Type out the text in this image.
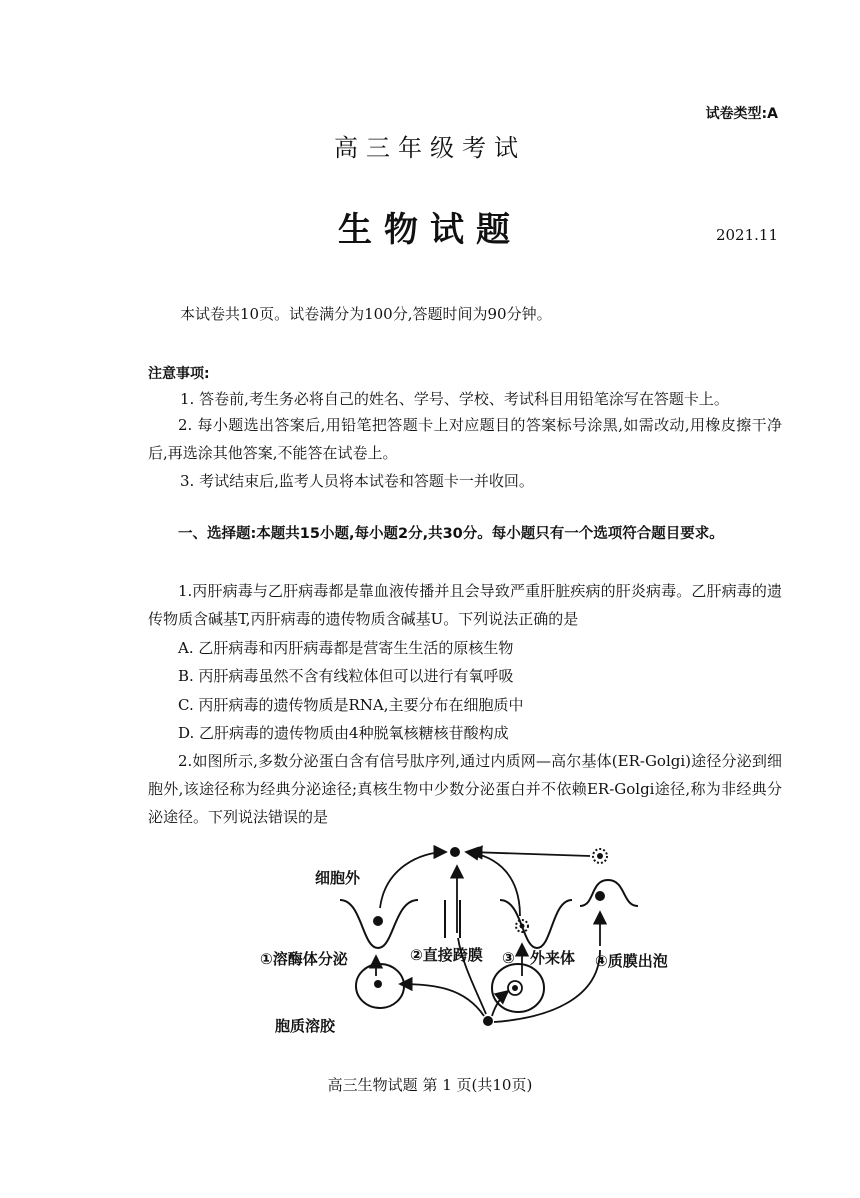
试卷类型:A
高三年级考试
生物试题	2021.11
本试卷共10页。试卷满分为100分,答题时间为90分钟。
注意事项:
1. 答卷前,考生务必将自己的姓名、学号、学校、考试科目用铅笔涂写在答题卡上。
2. 每小题选出答案后,用铅笔把答题卡上对应题目的答案标号涂黑,如需改动,用橡皮擦干净后,再选涂其他答案,不能答在试卷上。
3. 考试结束后,监考人员将本试卷和答题卡一并收回。
一、选择题:本题共15小题,每小题2分,共30分。每小题只有一个选项符合题目要求。
1.丙肝病毒与乙肝病毒都是靠血液传播并且会导致严重肝脏疾病的肝炎病毒。乙肝病毒的遗传物质含碱基T,丙肝病毒的遗传物质含碱基U。下列说法正确的是
A. 乙肝病毒和丙肝病毒都是营寄生生活的原核生物
B. 丙肝病毒虽然不含有线粒体但可以进行有氧呼吸
C. 丙肝病毒的遗传物质是RNA,主要分布在细胞质中
D. 乙肝病毒的遗传物质由4种脱氧核糖核苷酸构成
2.如图所示,多数分泌蛋白含有信号肽序列,通过内质网—高尔基体(ER-Golgi)途径分泌到细胞外,该途径称为经典分泌途径;真核生物中少数分泌蛋白并不依赖ER-Golgi途径,称为非经典分泌途径。下列说法错误的是
细胞外
胞质溶胶
①溶酶体分泌	②直接跨膜 ③ 外来体 ④质膜出泡
高三生物试题 第 1 页(共10页)
